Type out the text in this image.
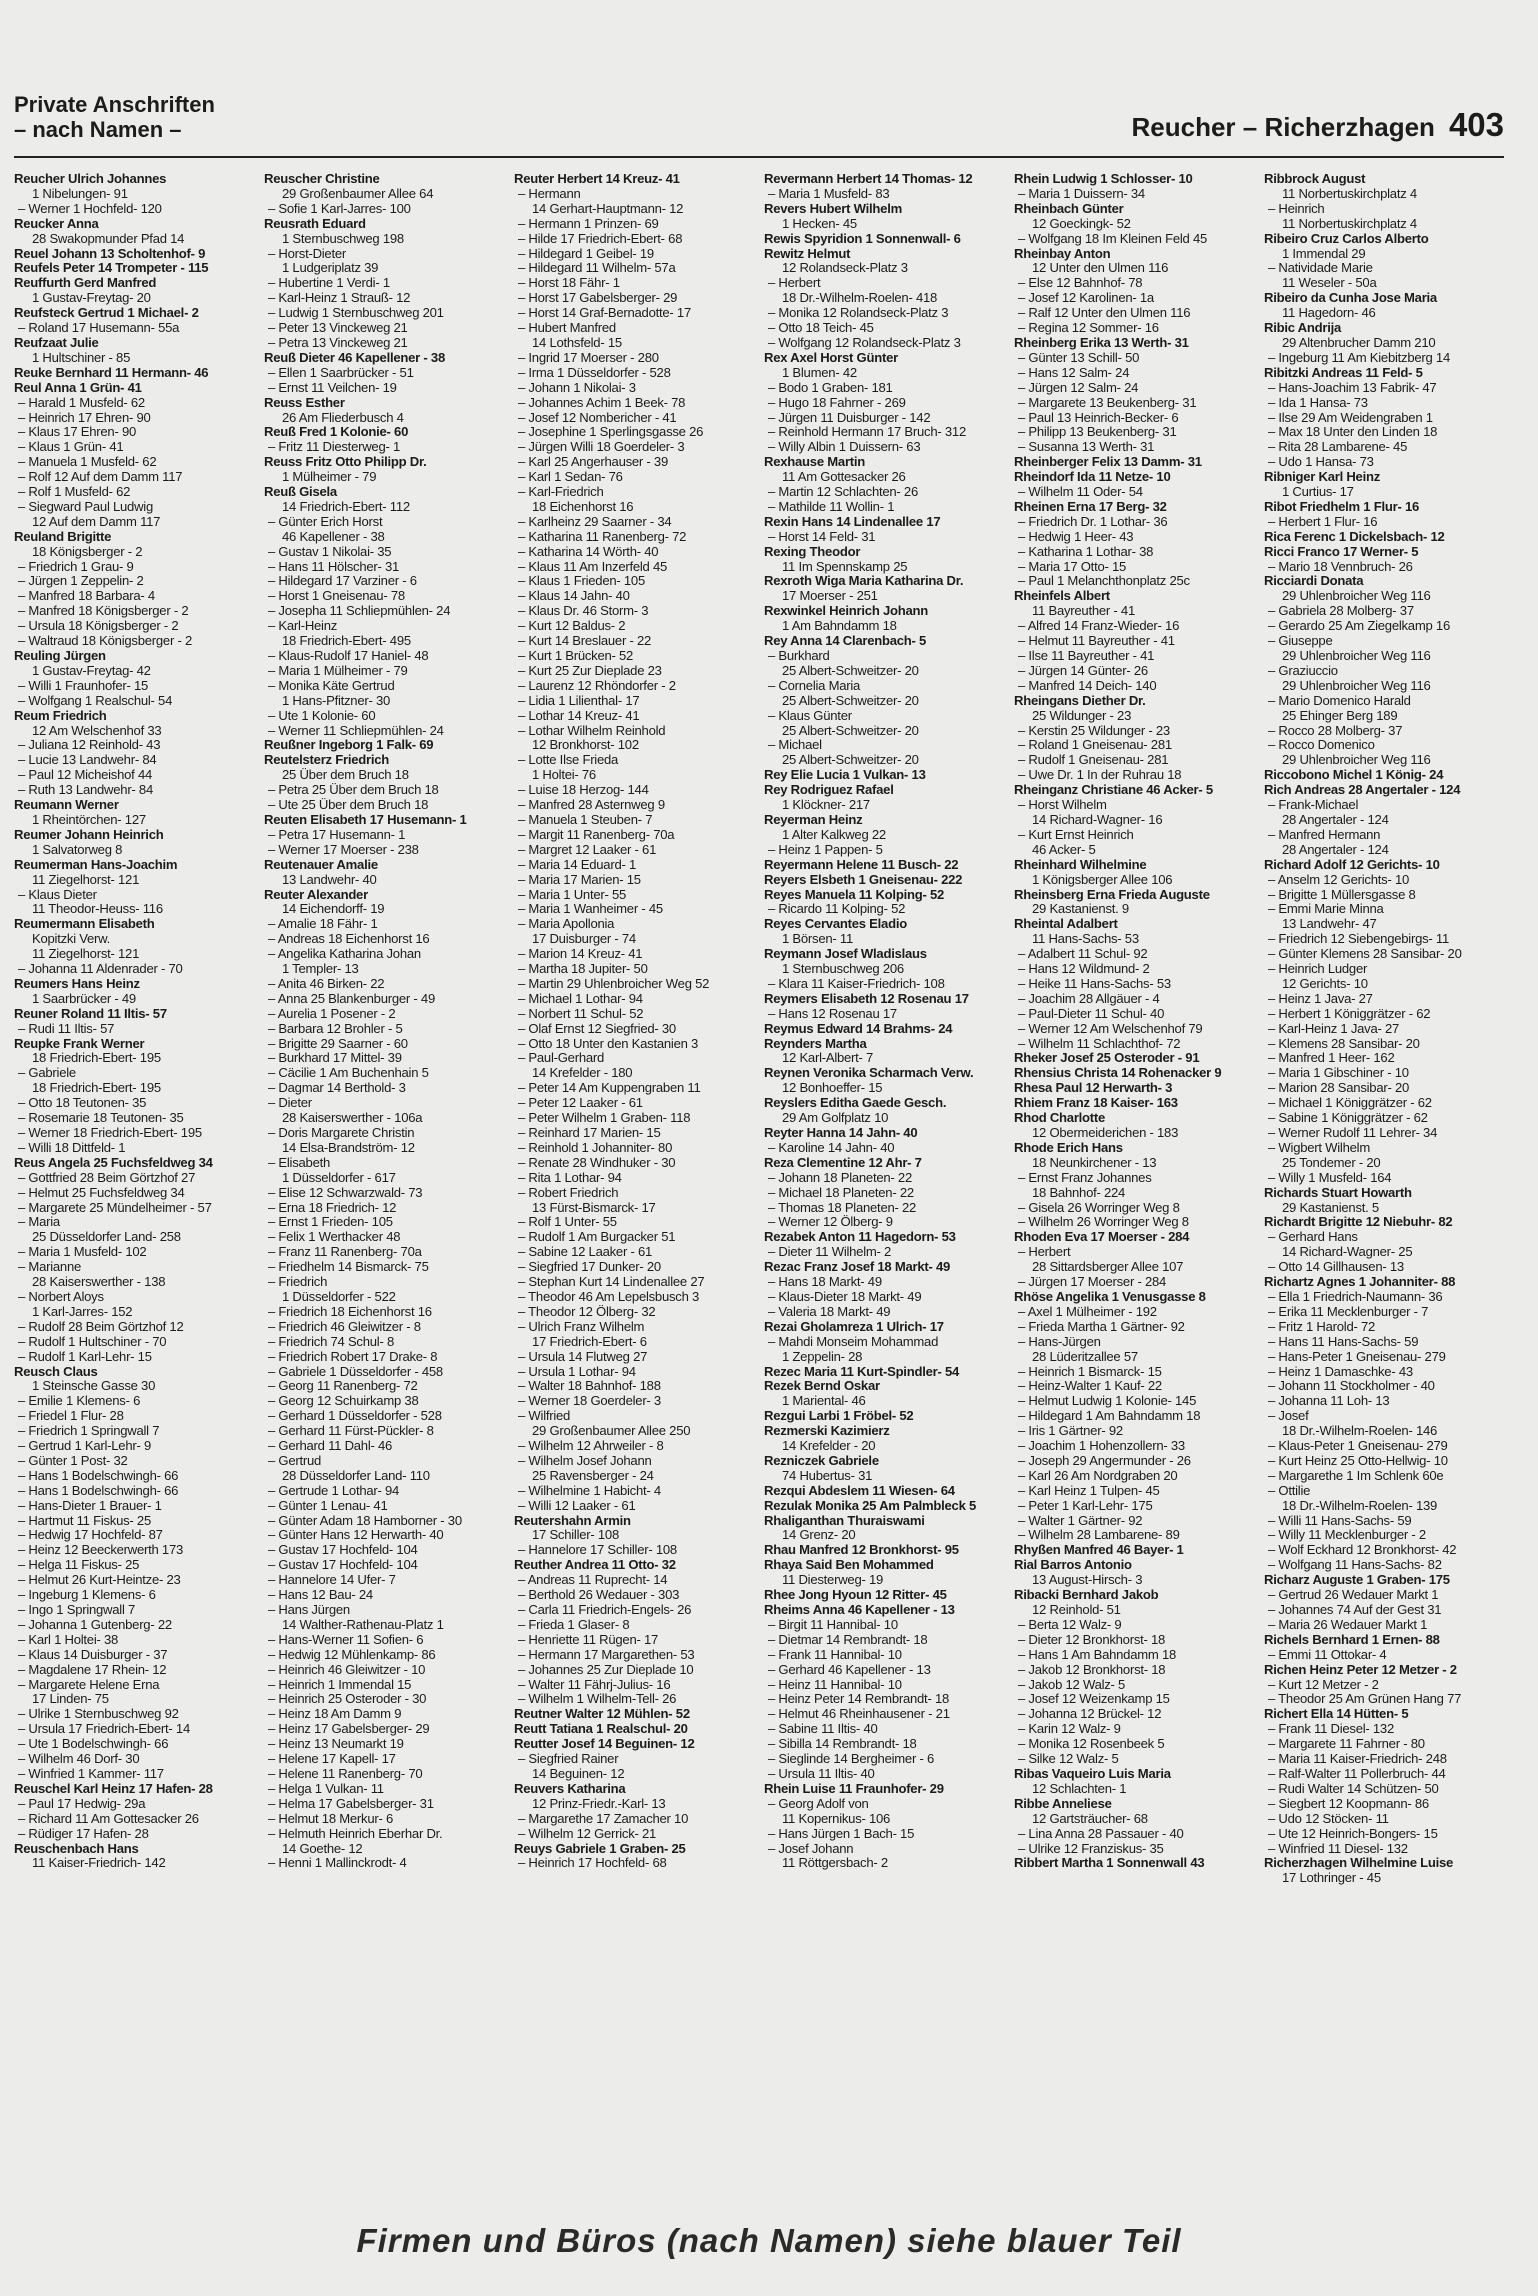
Private Anschriften
– nach Namen –	Reucher – Richerzhagen 403
Reucher Ulrich Johannes
1 Nibelungen- 91
– Werner 1 Hochfeld- 120
Reucker Anna
28 Swakopmunder Pfad 14
Reuel Johann 13 Scholtenhof- 9
Reufels Peter 14 Trompeter - 115
Reuffurth Gerd Manfred
1 Gustav-Freytag- 20
Reufsteck Gertrud 1 Michael- 2
– Roland 17 Husemann- 55a
Reufzaat Julie
1 Hultschiner - 85
Reuke Bernhard 11 Hermann- 46
Reul Anna 1 Grün- 41
– Harald 1 Musfeld- 62
– Heinrich 17 Ehren- 90
– Klaus 17 Ehren- 90
– Klaus 1 Grün- 41
– Manuela 1 Musfeld- 62
– Rolf 12 Auf dem Damm 117
– Rolf 1 Musfeld- 62
– Siegward Paul Ludwig
12 Auf dem Damm 117
Reuland Brigitte
18 Königsberger - 2
– Friedrich 1 Grau- 9
– Jürgen 1 Zeppelin- 2
– Manfred 18 Barbara- 4
– Manfred 18 Königsberger - 2
– Ursula 18 Königsberger - 2
– Waltraud 18 Königsberger - 2
Reuling Jürgen
1 Gustav-Freytag- 42
– Willi 1 Fraunhofer- 15
– Wolfgang 1 Realschul- 54
Reum Friedrich
12 Am Welschenhof 33
– Juliana 12 Reinhold- 43
– Lucie 13 Landwehr- 84
– Paul 12 Micheishof 44
– Ruth 13 Landwehr- 84
Reumann Werner
1 Rheintörchen- 127
Reumer Johann Heinrich
1 Salvatorweg 8
Reumerman Hans-Joachim
11 Ziegelhorst- 121
– Klaus Dieter
11 Theodor-Heuss- 116
Reumermann Elisabeth
Kopitzki Verw.
11 Ziegelhorst- 121
– Johanna 11 Aldenrader - 70
Reumers Hans Heinz
1 Saarbrücker - 49
Reuner Roland 11 Iltis- 57
– Rudi 11 Iltis- 57
Reupke Frank Werner
18 Friedrich-Ebert- 195
– Gabriele
18 Friedrich-Ebert- 195
– Otto 18 Teutonen- 35
– Rosemarie 18 Teutonen- 35
– Werner 18 Friedrich-Ebert- 195
– Willi 18 Dittfeld- 1
Reus Angela 25 Fuchsfeldweg 34
– Gottfried 28 Beim Görtzhof 27
– Helmut 25 Fuchsfeldweg 34
– Margarete 25 Mündelheimer - 57
– Maria
25 Düsseldorfer Land- 258
– Maria 1 Musfeld- 102
– Marianne
28 Kaiserswerther - 138
– Norbert Aloys
1 Karl-Jarres- 152
– Rudolf 28 Beim Görtzhof 12
– Rudolf 1 Hultschiner - 70
– Rudolf 1 Karl-Lehr- 15
Reusch Claus
1 Steinsche Gasse 30
– Emilie 1 Klemens- 6
– Friedel 1 Flur- 28
– Friedrich 1 Springwall 7
– Gertrud 1 Karl-Lehr- 9
– Günter 1 Post- 32
– Hans 1 Bodelschwingh- 66
– Hans 1 Bodelschwingh- 66
– Hans-Dieter 1 Brauer- 1
– Hartmut 11 Fiskus- 25
– Hedwig 17 Hochfeld- 87
– Heinz 12 Beeckerwerth 173
– Helga 11 Fiskus- 25
– Helmut 26 Kurt-Heintze- 23
– Ingeburg 1 Klemens- 6
– Ingo 1 Springwall 7
– Johanna 1 Gutenberg- 22
– Karl 1 Holtei- 38
– Klaus 14 Duisburger - 37
– Magdalene 17 Rhein- 12
– Margarete Helene Erna
17 Linden- 75
– Ulrike 1 Sternbuschweg 92
– Ursula 17 Friedrich-Ebert- 14
– Ute 1 Bodelschwingh- 66
– Wilhelm 46 Dorf- 30
– Winfried 1 Kammer- 117
Reuschel Karl Heinz 17 Hafen- 28
– Paul 17 Hedwig- 29a
– Richard 11 Am Gottesacker 26
– Rüdiger 17 Hafen- 28
Reuschenbach Hans
11 Kaiser-Friedrich- 142
Reuscher Christine
29 Großenbaumer Allee 64
– Sofie 1 Karl-Jarres- 100
Reusrath Eduard
1 Sternbuschweg 198
– Horst-Dieter
1 Ludgeriplatz 39
– Hubertine 1 Verdi- 1
– Karl-Heinz 1 Strauß- 12
– Ludwig 1 Sternbuschweg 201
– Peter 13 Vinckeweg 21
– Petra 13 Vinckeweg 21
Reuß Dieter 46 Kapellener - 38
– Ellen 1 Saarbrücker - 51
– Ernst 11 Veilchen- 19
Reuss Esther
26 Am Fliederbusch 4
Reuß Fred 1 Kolonie- 60
– Fritz 11 Diesterweg- 1
Reuss Fritz Otto Philipp Dr.
1 Mülheimer - 79
Reuß Gisela
14 Friedrich-Ebert- 112
– Günter Erich Horst
46 Kapellener - 38
– Gustav 1 Nikolai- 35
– Hans 11 Hölscher- 31
– Hildegard 17 Varziner - 6
– Horst 1 Gneisenau- 78
– Josepha 11 Schliepmühlen- 24
– Karl-Heinz
18 Friedrich-Ebert- 495
– Klaus-Rudolf 17 Haniel- 48
– Maria 1 Mülheimer - 79
– Monika Käte Gertrud
1 Hans-Pfitzner- 30
– Ute 1 Kolonie- 60
– Werner 11 Schliepmühlen- 24
Reußner Ingeborg 1 Falk- 69
Reutelsterz Friedrich
25 Über dem Bruch 18
– Petra 25 Über dem Bruch 18
– Ute 25 Über dem Bruch 18
Reuten Elisabeth 17 Husemann- 1
– Petra 17 Husemann- 1
– Werner 17 Moerser - 238
Reutenauer Amalie
13 Landwehr- 40
Reuter Alexander
14 Eichendorff- 19
– Amalie 18 Fähr- 1
– Andreas 18 Eichenhorst 16
– Angelika Katharina Johan
1 Templer- 13
– Anita 46 Birken- 22
– Anna 25 Blankenburger - 49
– Aurelia 1 Posener - 2
– Barbara 12 Brohler - 5
– Brigitte 29 Saarner - 60
– Burkhard 17 Mittel- 39
– Cäcilie 1 Am Buchenhain 5
– Dagmar 14 Berthold- 3
– Dieter
28 Kaiserswerther - 106a
– Doris Margarete Christin
14 Elsa-Brandström- 12
– Elisabeth
1 Düsseldorfer - 617
– Elise 12 Schwarzwald- 73
– Erna 18 Friedrich- 12
– Ernst 1 Frieden- 105
– Felix 1 Werthacker 48
– Franz 11 Ranenberg- 70a
– Friedhelm 14 Bismarck- 75
– Friedrich
1 Düsseldorfer - 522
– Friedrich 18 Eichenhorst 16
– Friedrich 46 Gleiwitzer - 8
– Friedrich 74 Schul- 8
– Friedrich Robert 17 Drake- 8
– Gabriele 1 Düsseldorfer - 458
– Georg 11 Ranenberg- 72
– Georg 12 Schuirkamp 38
– Gerhard 1 Düsseldorfer - 528
– Gerhard 11 Fürst-Pückler- 8
– Gerhard 11 Dahl- 46
– Gertrud
28 Düsseldorfer Land- 110
– Gertrude 1 Lothar- 94
– Günter 1 Lenau- 41
– Günter Adam 18 Hamborner - 30
– Günter Hans 12 Herwarth- 40
– Gustav 17 Hochfeld- 104
– Gustav 17 Hochfeld- 104
– Hannelore 14 Ufer- 7
– Hans 12 Bau- 24
– Hans Jürgen
14 Walther-Rathenau-Platz 1
– Hans-Werner 11 Sofien- 6
– Hedwig 12 Mühlenkamp- 86
– Heinrich 46 Gleiwitzer - 10
– Heinrich 1 Immendal 15
– Heinrich 25 Osteroder - 30
– Heinz 18 Am Damm 9
– Heinz 17 Gabelsberger- 29
– Heinz 13 Neumarkt 19
– Helene 17 Kapell- 17
– Helene 11 Ranenberg- 70
– Helga 1 Vulkan- 11
– Helma 17 Gabelsberger- 31
– Helmut 18 Merkur- 6
– Helmuth Heinrich Eberhar Dr.
14 Goethe- 12
– Henni 1 Mallinckrodt- 4
Reuter Herbert 14 Kreuz- 41
– Hermann
14 Gerhart-Hauptmann- 12
– Hermann 1 Prinzen- 69
– Hilde 17 Friedrich-Ebert- 68
– Hildegard 1 Geibel- 19
– Hildegard 11 Wilhelm- 57a
– Horst 18 Fähr- 1
– Horst 17 Gabelsberger- 29
– Horst 14 Graf-Bernadotte- 17
– Hubert Manfred
14 Lothsfeld- 15
– Ingrid 17 Moerser - 280
– Irma 1 Düsseldorfer - 528
– Johann 1 Nikolai- 3
– Johannes Achim 1 Beek- 78
– Josef 12 Nombericher - 41
– Josephine 1 Sperlingsgasse 26
– Jürgen Willi 18 Goerdeler- 3
– Karl 25 Angerhauser - 39
– Karl 1 Sedan- 76
– Karl-Friedrich
18 Eichenhorst 16
– Karlheinz 29 Saarner - 34
– Katharina 11 Ranenberg- 72
– Katharina 14 Wörth- 40
– Klaus 11 Am Inzerfeld 45
– Klaus 1 Frieden- 105
– Klaus 14 Jahn- 40
– Klaus Dr. 46 Storm- 3
– Kurt 12 Baldus- 2
– Kurt 14 Breslauer - 22
– Kurt 1 Brücken- 52
– Kurt 25 Zur Dieplade 23
– Laurenz 12 Rhöndorfer - 2
– Lidia 1 Lilienthal- 17
– Lothar 14 Kreuz- 41
– Lothar Wilhelm Reinhold
12 Bronkhorst- 102
– Lotte Ilse Frieda
1 Holtei- 76
– Luise 18 Herzog- 144
– Manfred 28 Asternweg 9
– Manuela 1 Steuben- 7
– Margit 11 Ranenberg- 70a
– Margret 12 Laaker - 61
– Maria 14 Eduard- 1
– Maria 17 Marien- 15
– Maria 1 Unter- 55
– Maria 1 Wanheimer - 45
– Maria Apollonia
17 Duisburger - 74
– Marion 14 Kreuz- 41
– Martha 18 Jupiter- 50
– Martin 29 Uhlenbroicher Weg 52
– Michael 1 Lothar- 94
– Norbert 11 Schul- 52
– Olaf Ernst 12 Siegfried- 30
– Otto 18 Unter den Kastanien 3
– Paul-Gerhard
14 Krefelder - 180
– Peter 14 Am Kuppengraben 11
– Peter 12 Laaker - 61
– Peter Wilhelm 1 Graben- 118
– Reinhard 17 Marien- 15
– Reinhold 1 Johanniter- 80
– Renate 28 Windhuker - 30
– Rita 1 Lothar- 94
– Robert Friedrich
13 Fürst-Bismarck- 17
– Rolf 1 Unter- 55
– Rudolf 1 Am Burgacker 51
– Sabine 12 Laaker - 61
– Siegfried 17 Dunker- 20
– Stephan Kurt 14 Lindenallee 27
– Theodor 46 Am Lepelsbusch 3
– Theodor 12 Ölberg- 32
– Ulrich Franz Wilhelm
17 Friedrich-Ebert- 6
– Ursula 14 Flutweg 27
– Ursula 1 Lothar- 94
– Walter 18 Bahnhof- 188
– Werner 18 Goerdeler- 3
– Wilfried
29 Großenbaumer Allee 250
– Wilhelm 12 Ahrweiler - 8
– Wilhelm Josef Johann
25 Ravensberger - 24
– Wilhelmine 1 Habicht- 4
– Willi 12 Laaker - 61
Reutershahn Armin
17 Schiller- 108
– Hannelore 17 Schiller- 108
Reuther Andrea 11 Otto- 32
– Andreas 11 Ruprecht- 14
– Berthold 26 Wedauer - 303
– Carla 11 Friedrich-Engels- 26
– Frieda 1 Glaser- 8
– Henriette 11 Rügen- 17
– Hermann 17 Margarethen- 53
– Johannes 25 Zur Dieplade 10
– Walter 11 Fährj-Julius- 16
– Wilhelm 1 Wilhelm-Tell- 26
Reutner Walter 12 Mühlen- 52
Reutt Tatiana 1 Realschul- 20
Reutter Josef 14 Beguinen- 12
– Siegfried Rainer
14 Beguinen- 12
Reuvers Katharina
12 Prinz-Friedr.-Karl- 13
– Margarethe 17 Zamacher 10
– Wilhelm 12 Gerrick- 21
Reuys Gabriele 1 Graben- 25
– Heinrich 17 Hochfeld- 68
Revermann Herbert 14 Thomas- 12
– Maria 1 Musfeld- 83
Revers Hubert Wilhelm
1 Hecken- 45
Rewis Spyridion 1 Sonnenwall- 6
Rewitz Helmut
12 Rolandseck-Platz 3
– Herbert
18 Dr.-Wilhelm-Roelen- 418
– Monika 12 Rolandseck-Platz 3
– Otto 18 Teich- 45
– Wolfgang 12 Rolandseck-Platz 3
Rex Axel Horst Günter
1 Blumen- 42
– Bodo 1 Graben- 181
– Hugo 18 Fahrner - 269
– Jürgen 11 Duisburger - 142
– Reinhold Hermann 17 Bruch- 312
– Willy Albin 1 Duissern- 63
Rexhause Martin
11 Am Gottesacker 26
– Martin 12 Schlachten- 26
– Mathilde 11 Wollin- 1
Rexin Hans 14 Lindenallee 17
– Horst 14 Feld- 31
Rexing Theodor
11 Im Spennskamp 25
Rexroth Wiga Maria Katharina Dr.
17 Moerser - 251
Rexwinkel Heinrich Johann
1 Am Bahndamm 18
Rey Anna 14 Clarenbach- 5
– Burkhard
25 Albert-Schweitzer- 20
– Cornelia Maria
25 Albert-Schweitzer- 20
– Klaus Günter
25 Albert-Schweitzer- 20
– Michael
25 Albert-Schweitzer- 20
Rey Elie Lucia 1 Vulkan- 13
Rey Rodriguez Rafael
1 Klöckner- 217
Reyerman Heinz
1 Alter Kalkweg 22
– Heinz 1 Pappen- 5
Reyermann Helene 11 Busch- 22
Reyers Elsbeth 1 Gneisenau- 222
Reyes Manuela 11 Kolping- 52
– Ricardo 11 Kolping- 52
Reyes Cervantes Eladio
1 Börsen- 11
Reymann Josef Wladislaus
1 Sternbuschweg 206
– Klara 11 Kaiser-Friedrich- 108
Reymers Elisabeth 12 Rosenau 17
– Hans 12 Rosenau 17
Reymus Edward 14 Brahms- 24
Reynders Martha
12 Karl-Albert- 7
Reynen Veronika Scharmach Verw.
12 Bonhoeffer- 15
Reyslers Editha Gaede Gesch.
29 Am Golfplatz 10
Reyter Hanna 14 Jahn- 40
– Karoline 14 Jahn- 40
Reza Clementine 12 Ahr- 7
– Johann 18 Planeten- 22
– Michael 18 Planeten- 22
– Thomas 18 Planeten- 22
– Werner 12 Ölberg- 9
Rezabek Anton 11 Hagedorn- 53
– Dieter 11 Wilhelm- 2
Rezac Franz Josef 18 Markt- 49
– Hans 18 Markt- 49
– Klaus-Dieter 18 Markt- 49
– Valeria 18 Markt- 49
Rezai Gholamreza 1 Ulrich- 17
– Mahdi Monseim Mohammad
1 Zeppelin- 28
Rezec Maria 11 Kurt-Spindler- 54
Rezek Bernd Oskar
1 Mariental- 46
Rezgui Larbi 1 Fröbel- 52
Rezmerski Kazimierz
14 Krefelder - 20
Rezniczek Gabriele
74 Hubertus- 31
Rezqui Abdeslem 11 Wiesen- 64
Rezulak Monika 25 Am Palmbleck 5
Rhaliganthan Thuraiswami
14 Grenz- 20
Rhau Manfred 12 Bronkhorst- 95
Rhaya Said Ben Mohammed
11 Diesterweg- 19
Rhee Jong Hyoun 12 Ritter- 45
Rheims Anna 46 Kapellener - 13
– Birgit 11 Hannibal- 10
– Dietmar 14 Rembrandt- 18
– Frank 11 Hannibal- 10
– Gerhard 46 Kapellener - 13
– Heinz 11 Hannibal- 10
– Heinz Peter 14 Rembrandt- 18
– Helmut 46 Rheinhausener - 21
– Sabine 11 Iltis- 40
– Sibilla 14 Rembrandt- 18
– Sieglinde 14 Bergheimer - 6
– Ursula 11 Iltis- 40
Rhein Luise 11 Fraunhofer- 29
– Georg Adolf von
11 Kopernikus- 106
– Hans Jürgen 1 Bach- 15
– Josef Johann
11 Röttgersbach- 2
Rhein Ludwig 1 Schlosser- 10
– Maria 1 Duissern- 34
Rheinbach Günter
12 Goeckingk- 52
– Wolfgang 18 Im Kleinen Feld 45
Rheinbay Anton
12 Unter den Ulmen 116
– Else 12 Bahnhof- 78
– Josef 12 Karolinen- 1a
– Ralf 12 Unter den Ulmen 116
– Regina 12 Sommer- 16
Rheinberg Erika 13 Werth- 31
– Günter 13 Schill- 50
– Hans 12 Salm- 24
– Jürgen 12 Salm- 24
– Margarete 13 Beukenberg- 31
– Paul 13 Heinrich-Becker- 6
– Philipp 13 Beukenberg- 31
– Susanna 13 Werth- 31
Rheinberger Felix 13 Damm- 31
Rheindorf Ida 11 Netze- 10
– Wilhelm 11 Oder- 54
Rheinen Erna 17 Berg- 32
– Friedrich Dr. 1 Lothar- 36
– Hedwig 1 Heer- 43
– Katharina 1 Lothar- 38
– Maria 17 Otto- 15
– Paul 1 Melanchthonplatz 25c
Rheinfels Albert
11 Bayreuther - 41
– Alfred 14 Franz-Wieder- 16
– Helmut 11 Bayreuther - 41
– Ilse 11 Bayreuther - 41
– Jürgen 14 Günter- 26
– Manfred 14 Deich- 140
Rheingans Diether Dr.
25 Wildunger - 23
– Kerstin 25 Wildunger - 23
– Roland 1 Gneisenau- 281
– Rudolf 1 Gneisenau- 281
– Uwe Dr. 1 In der Ruhrau 18
Rheinganz Christiane 46 Acker- 5
– Horst Wilhelm
14 Richard-Wagner- 16
– Kurt Ernst Heinrich
46 Acker- 5
Rheinhard Wilhelmine
1 Königsberger Allee 106
Rheinsberg Erna Frieda Auguste
29 Kastanienst. 9
Rheintal Adalbert
11 Hans-Sachs- 53
– Adalbert 11 Schul- 92
– Hans 12 Wildmund- 2
– Heike 11 Hans-Sachs- 53
– Joachim 28 Allgäuer - 4
– Paul-Dieter 11 Schul- 40
– Werner 12 Am Welschenhof 79
– Wilhelm 11 Schlachthof- 72
Rheker Josef 25 Osteroder - 91
Rhensius Christa 14 Rohenacker 9
Rhesa Paul 12 Herwarth- 3
Rhiem Franz 18 Kaiser- 163
Rhod Charlotte
12 Obermeiderichen - 183
Rhode Erich Hans
18 Neunkirchener - 13
– Ernst Franz Johannes
18 Bahnhof- 224
– Gisela 26 Worringer Weg 8
– Wilhelm 26 Worringer Weg 8
Rhoden Eva 17 Moerser - 284
– Herbert
28 Sittardsberger Allee 107
– Jürgen 17 Moerser - 284
Rhöse Angelika 1 Venusgasse 8
– Axel 1 Mülheimer - 192
– Frieda Martha 1 Gärtner- 92
– Hans-Jürgen
28 Lüderitzallee 57
– Heinrich 1 Bismarck- 15
– Heinz-Walter 1 Kauf- 22
– Helmut Ludwig 1 Kolonie- 145
– Hildegard 1 Am Bahndamm 18
– Iris 1 Gärtner- 92
– Joachim 1 Hohenzollern- 33
– Joseph 29 Angermunder - 26
– Karl 26 Am Nordgraben 20
– Karl Heinz 1 Tulpen- 45
– Peter 1 Karl-Lehr- 175
– Walter 1 Gärtner- 92
– Wilhelm 28 Lambarene- 89
Rhyßen Manfred 46 Bayer- 1
Rial Barros Antonio
13 August-Hirsch- 3
Ribacki Bernhard Jakob
12 Reinhold- 51
– Berta 12 Walz- 9
– Dieter 12 Bronkhorst- 18
– Hans 1 Am Bahndamm 18
– Jakob 12 Bronkhorst- 18
– Jakob 12 Walz- 5
– Josef 12 Weizenkamp 15
– Johanna 12 Brückel- 12
– Karin 12 Walz- 9
– Monika 12 Rosenbeek 5
– Silke 12 Walz- 5
Ribas Vaqueiro Luis Maria
12 Schlachten- 1
Ribbe Anneliese
12 Gartsträucher- 68
– Lina Anna 28 Passauer - 40
– Ulrike 12 Franziskus- 35
Ribbert Martha 1 Sonnenwall 43
Ribbrock August
11 Norbertuskirchplatz 4
– Heinrich
11 Norbertuskirchplatz 4
Ribeiro Cruz Carlos Alberto
1 Immendal 29
– Natividade Marie
11 Weseler - 50a
Ribeiro da Cunha Jose Maria
11 Hagedorn- 46
Ribic Andrija
29 Altenbrucher Damm 210
– Ingeburg 11 Am Kiebitzberg 14
Ribitzki Andreas 11 Feld- 5
– Hans-Joachim 13 Fabrik- 47
– Ida 1 Hansa- 73
– Ilse 29 Am Weidengraben 1
– Max 18 Unter den Linden 18
– Rita 28 Lambarene- 45
– Udo 1 Hansa- 73
Ribniger Karl Heinz
1 Curtius- 17
Ribot Friedhelm 1 Flur- 16
– Herbert 1 Flur- 16
Rica Ferenc 1 Dickelsbach- 12
Ricci Franco 17 Werner- 5
– Mario 18 Vennbruch- 26
Ricciardi Donata
29 Uhlenbroicher Weg 116
– Gabriela 28 Molberg- 37
– Gerardo 25 Am Ziegelkamp 16
– Giuseppe
29 Uhlenbroicher Weg 116
– Graziuccio
29 Uhlenbroicher Weg 116
– Mario Domenico Harald
25 Ehinger Berg 189
– Rocco 28 Molberg- 37
– Rocco Domenico
29 Uhlenbroicher Weg 116
Riccobono Michel 1 König- 24
Rich Andreas 28 Angertaler - 124
– Frank-Michael
28 Angertaler - 124
– Manfred Hermann
28 Angertaler - 124
Richard Adolf 12 Gerichts- 10
– Anselm 12 Gerichts- 10
– Brigitte 1 Müllersgasse 8
– Emmi Marie Minna
13 Landwehr- 47
– Friedrich 12 Siebengebirgs- 11
– Günter Klemens 28 Sansibar- 20
– Heinrich Ludger
12 Gerichts- 10
– Heinz 1 Java- 27
– Herbert 1 Königgrätzer - 62
– Karl-Heinz 1 Java- 27
– Klemens 28 Sansibar- 20
– Manfred 1 Heer- 162
– Maria 1 Gibschiner - 10
– Marion 28 Sansibar- 20
– Michael 1 Königgrätzer - 62
– Sabine 1 Königgrätzer - 62
– Werner Rudolf 11 Lehrer- 34
– Wigbert Wilhelm
25 Tondemer - 20
– Willy 1 Musfeld- 164
Richards Stuart Howarth
29 Kastanienst. 5
Richardt Brigitte 12 Niebuhr- 82
– Gerhard Hans
14 Richard-Wagner- 25
– Otto 14 Gillhausen- 13
Richartz Agnes 1 Johanniter- 88
– Ella 1 Friedrich-Naumann- 36
– Erika 11 Mecklenburger - 7
– Fritz 1 Harold- 72
– Hans 11 Hans-Sachs- 59
– Hans-Peter 1 Gneisenau- 279
– Heinz 1 Damaschke- 43
– Johann 11 Stockholmer - 40
– Johanna 11 Loh- 13
– Josef
18 Dr.-Wilhelm-Roelen- 146
– Klaus-Peter 1 Gneisenau- 279
– Kurt Heinz 25 Otto-Hellwig- 10
– Margarethe 1 Im Schlenk 60e
– Ottilie
18 Dr.-Wilhelm-Roelen- 139
– Willi 11 Hans-Sachs- 59
– Willy 11 Mecklenburger - 2
– Wolf Eckhard 12 Bronkhorst- 42
– Wolfgang 11 Hans-Sachs- 82
Richarz Auguste 1 Graben- 175
– Gertrud 26 Wedauer Markt 1
– Johannes 74 Auf der Gest 31
– Maria 26 Wedauer Markt 1
Richels Bernhard 1 Ernen- 88
– Emmi 11 Ottokar- 4
Richen Heinz Peter 12 Metzer - 2
– Kurt 12 Metzer - 2
– Theodor 25 Am Grünen Hang 77
Richert Ella 14 Hütten- 5
– Frank 11 Diesel- 132
– Margarete 11 Fahrner - 80
– Maria 11 Kaiser-Friedrich- 248
– Ralf-Walter 11 Pollerbruch- 44
– Rudi Walter 14 Schützen- 50
– Siegbert 12 Koopmann- 86
– Udo 12 Stöcken- 11
– Ute 12 Heinrich-Bongers- 15
– Winfried 11 Diesel- 132
Richerzhagen Wilhelmine Luise
17 Lothringer - 45
Firmen und Büros (nach Namen) siehe blauer Teil
